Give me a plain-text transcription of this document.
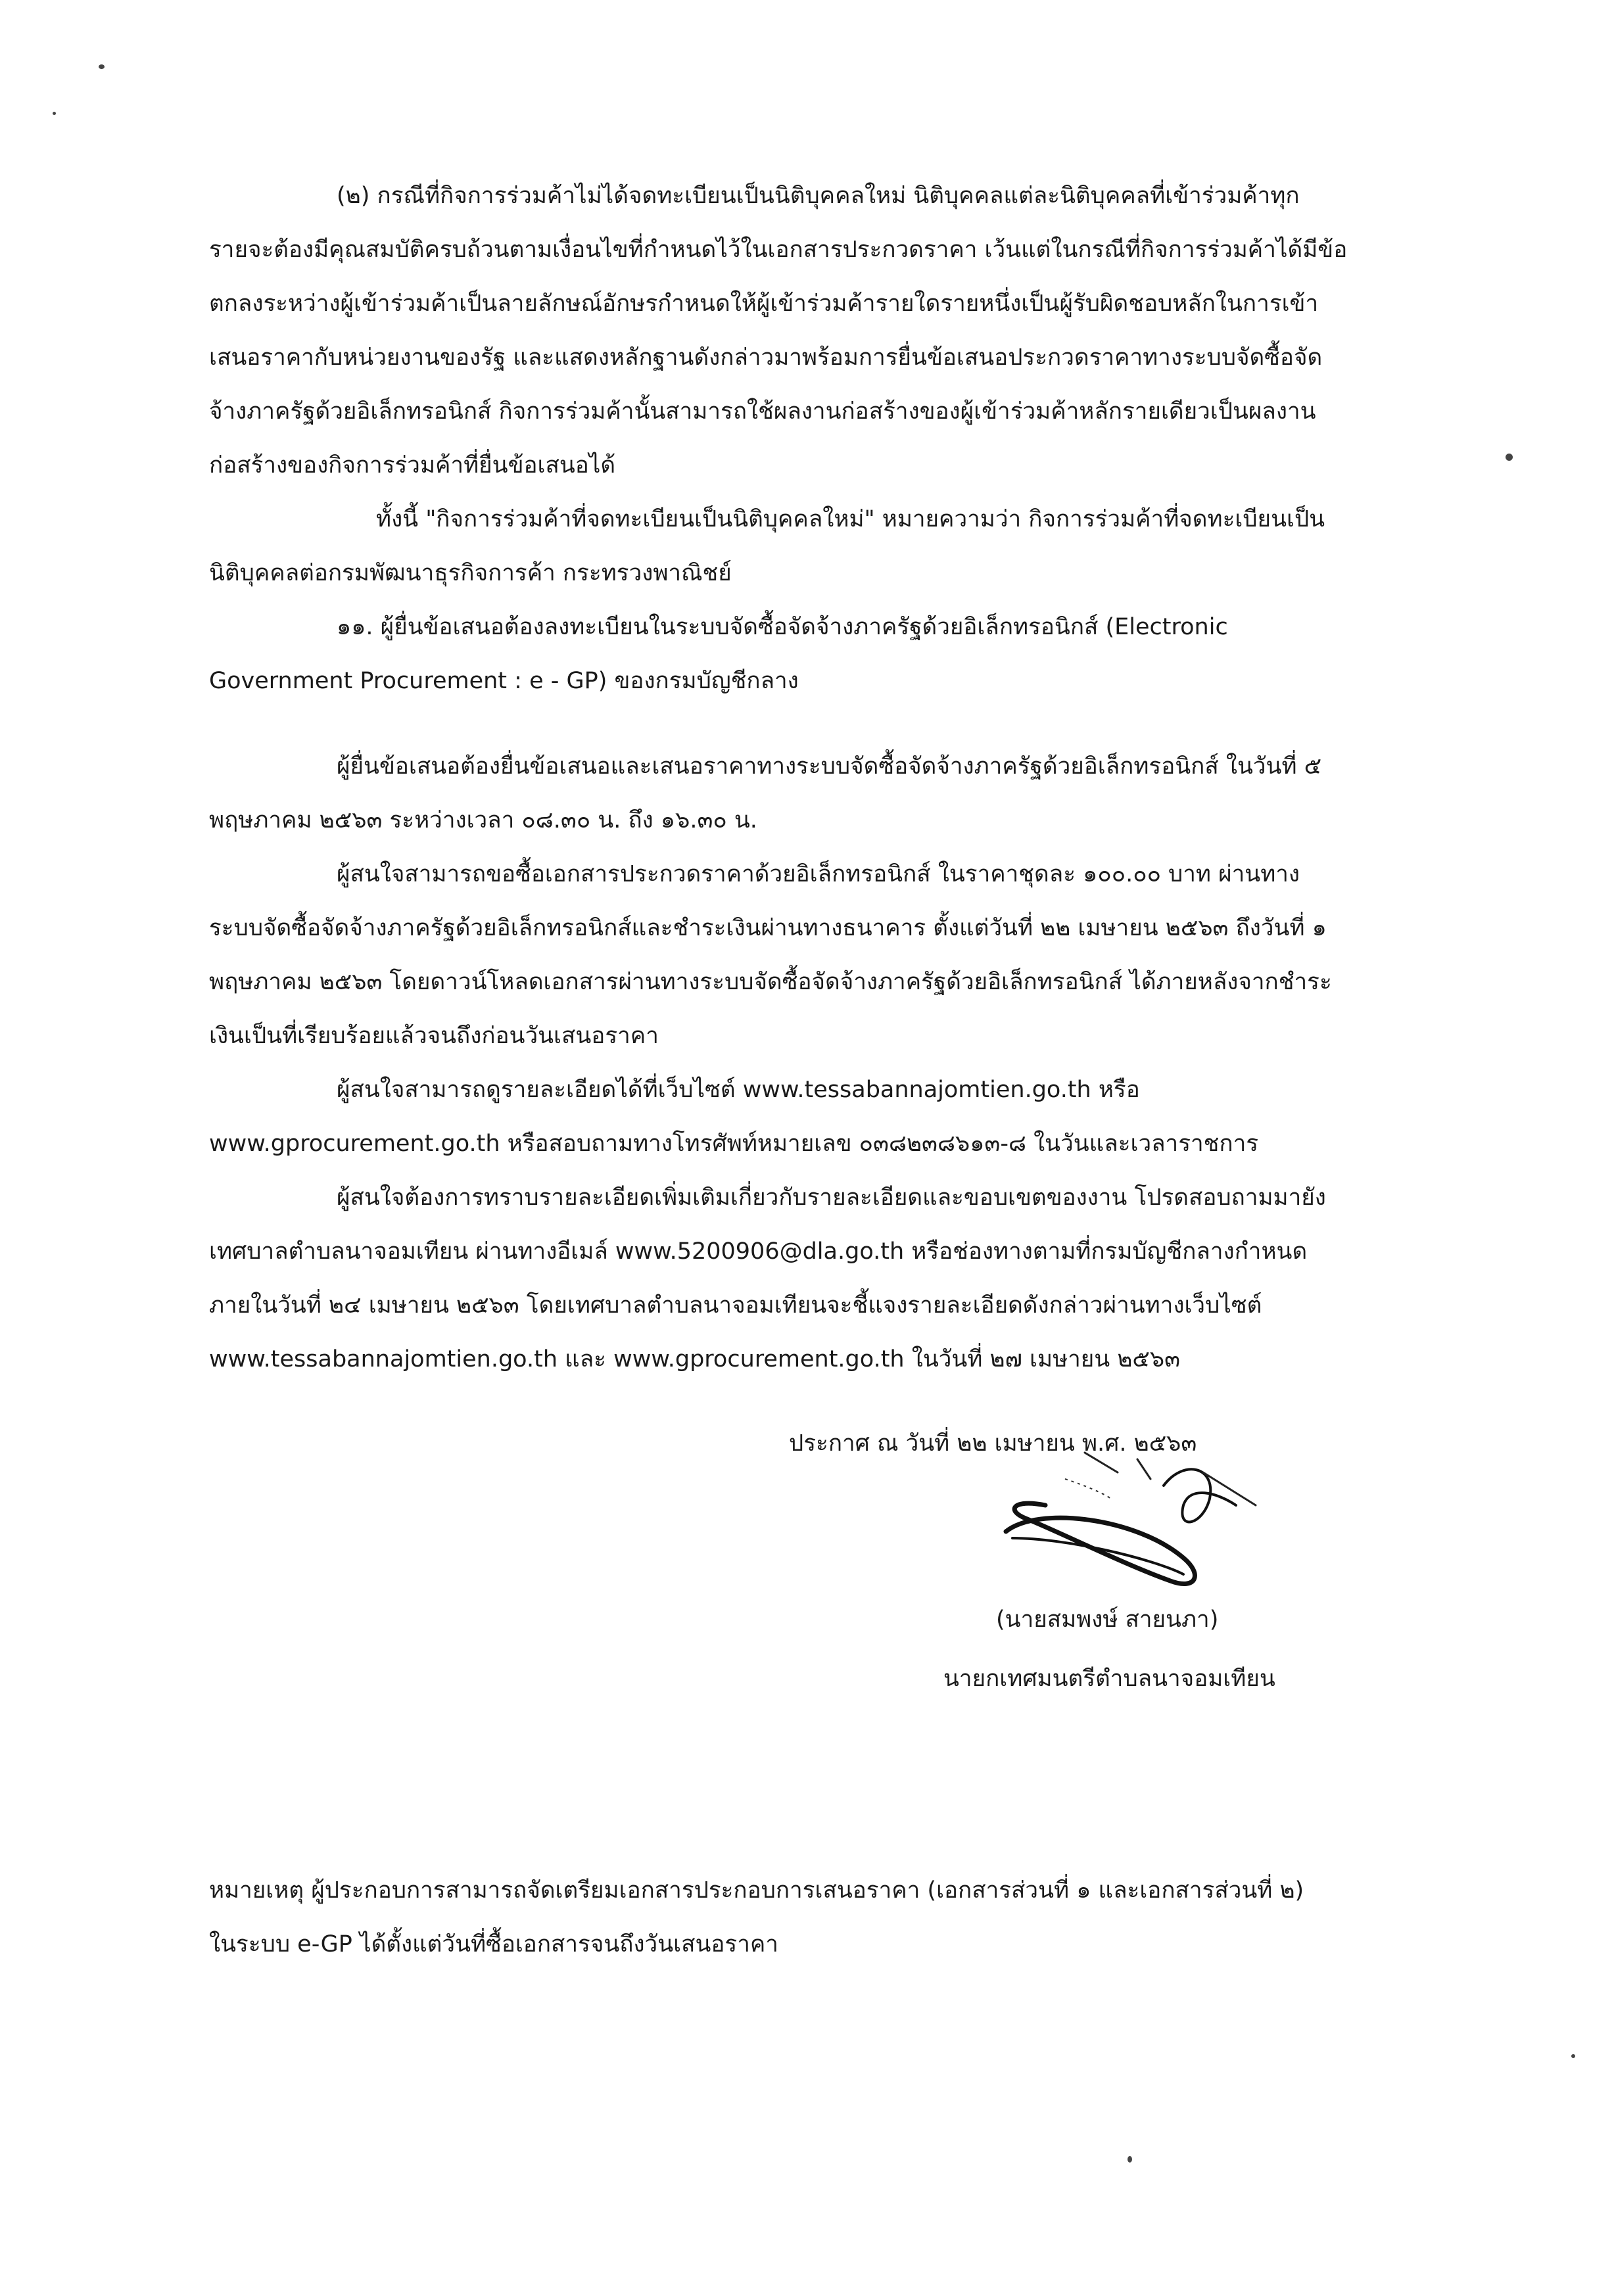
(๒) กรณีที่กิจการร่วมค้าไม่ได้จดทะเบียนเป็นนิติบุคคลใหม่ นิติบุคคลแต่ละนิติบุคคลที่เข้าร่วมค้าทุก

รายจะต้องมีคุณสมบัติครบถ้วนตามเงื่อนไขที่กำหนดไว้ในเอกสารประกวดราคา เว้นแต่ในกรณีที่กิจการร่วมค้าได้มีข้อ

ตกลงระหว่างผู้เข้าร่วมค้าเป็นลายลักษณ์อักษรกำหนดให้ผู้เข้าร่วมค้ารายใดรายหนึ่งเป็นผู้รับผิดชอบหลักในการเข้า

เสนอราคากับหน่วยงานของรัฐ และแสดงหลักฐานดังกล่าวมาพร้อมการยื่นข้อเสนอประกวดราคาทางระบบจัดซื้อจัด

จ้างภาครัฐด้วยอิเล็กทรอนิกส์ กิจการร่วมค้านั้นสามารถใช้ผลงานก่อสร้างของผู้เข้าร่วมค้าหลักรายเดียวเป็นผลงาน

ก่อสร้างของกิจการร่วมค้าที่ยื่นข้อเสนอได้

ทั้งนี้ "กิจการร่วมค้าที่จดทะเบียนเป็นนิติบุคคลใหม่" หมายความว่า กิจการร่วมค้าที่จดทะเบียนเป็น

นิติบุคคลต่อกรมพัฒนาธุรกิจการค้า กระทรวงพาณิชย์

๑๑. ผู้ยื่นข้อเสนอต้องลงทะเบียนในระบบจัดซื้อจัดจ้างภาครัฐด้วยอิเล็กทรอนิกส์ (Electronic

Government Procurement : e - GP) ของกรมบัญชีกลาง

ผู้ยื่นข้อเสนอต้องยื่นข้อเสนอและเสนอราคาทางระบบจัดซื้อจัดจ้างภาครัฐด้วยอิเล็กทรอนิกส์ ในวันที่ ๕

พฤษภาคม ๒๕๖๓ ระหว่างเวลา ๐๘.๓๐ น. ถึง ๑๖.๓๐ น.

ผู้สนใจสามารถขอซื้อเอกสารประกวดราคาด้วยอิเล็กทรอนิกส์ ในราคาชุดละ ๑๐๐.๐๐ บาท ผ่านทาง

ระบบจัดซื้อจัดจ้างภาครัฐด้วยอิเล็กทรอนิกส์และชำระเงินผ่านทางธนาคาร ตั้งแต่วันที่ ๒๒ เมษายน ๒๕๖๓ ถึงวันที่ ๑

พฤษภาคม ๒๕๖๓ โดยดาวน์โหลดเอกสารผ่านทางระบบจัดซื้อจัดจ้างภาครัฐด้วยอิเล็กทรอนิกส์ ได้ภายหลังจากชำระ

เงินเป็นที่เรียบร้อยแล้วจนถึงก่อนวันเสนอราคา

ผู้สนใจสามารถดูรายละเอียดได้ที่เว็บไซต์ www.tessabannajomtien.go.th หรือ

www.gprocurement.go.th หรือสอบถามทางโทรศัพท์หมายเลข ๐๓๘๒๓๘๖๑๓-๘ ในวันและเวลาราชการ

ผู้สนใจต้องการทราบรายละเอียดเพิ่มเติมเกี่ยวกับรายละเอียดและขอบเขตของงาน โปรดสอบถามมายัง

เทศบาลตำบลนาจอมเทียน ผ่านทางอีเมล์ www.5200906@dla.go.th หรือช่องทางตามที่กรมบัญชีกลางกำหนด

ภายในวันที่ ๒๔ เมษายน ๒๕๖๓ โดยเทศบาลตำบลนาจอมเทียนจะชี้แจงรายละเอียดดังกล่าวผ่านทางเว็บไซต์

www.tessabannajomtien.go.th และ www.gprocurement.go.th ในวันที่ ๒๗ เมษายน ๒๕๖๓

ประกาศ ณ วันที่ ๒๒ เมษายน พ.ศ. ๒๕๖๓

(นายสมพงษ์ สายนภา)

นายกเทศมนตรีตำบลนาจอมเทียน

หมายเหตุ ผู้ประกอบการสามารถจัดเตรียมเอกสารประกอบการเสนอราคา (เอกสารส่วนที่ ๑ และเอกสารส่วนที่ ๒)

ในระบบ e-GP ได้ตั้งแต่วันที่ซื้อเอกสารจนถึงวันเสนอราคา
